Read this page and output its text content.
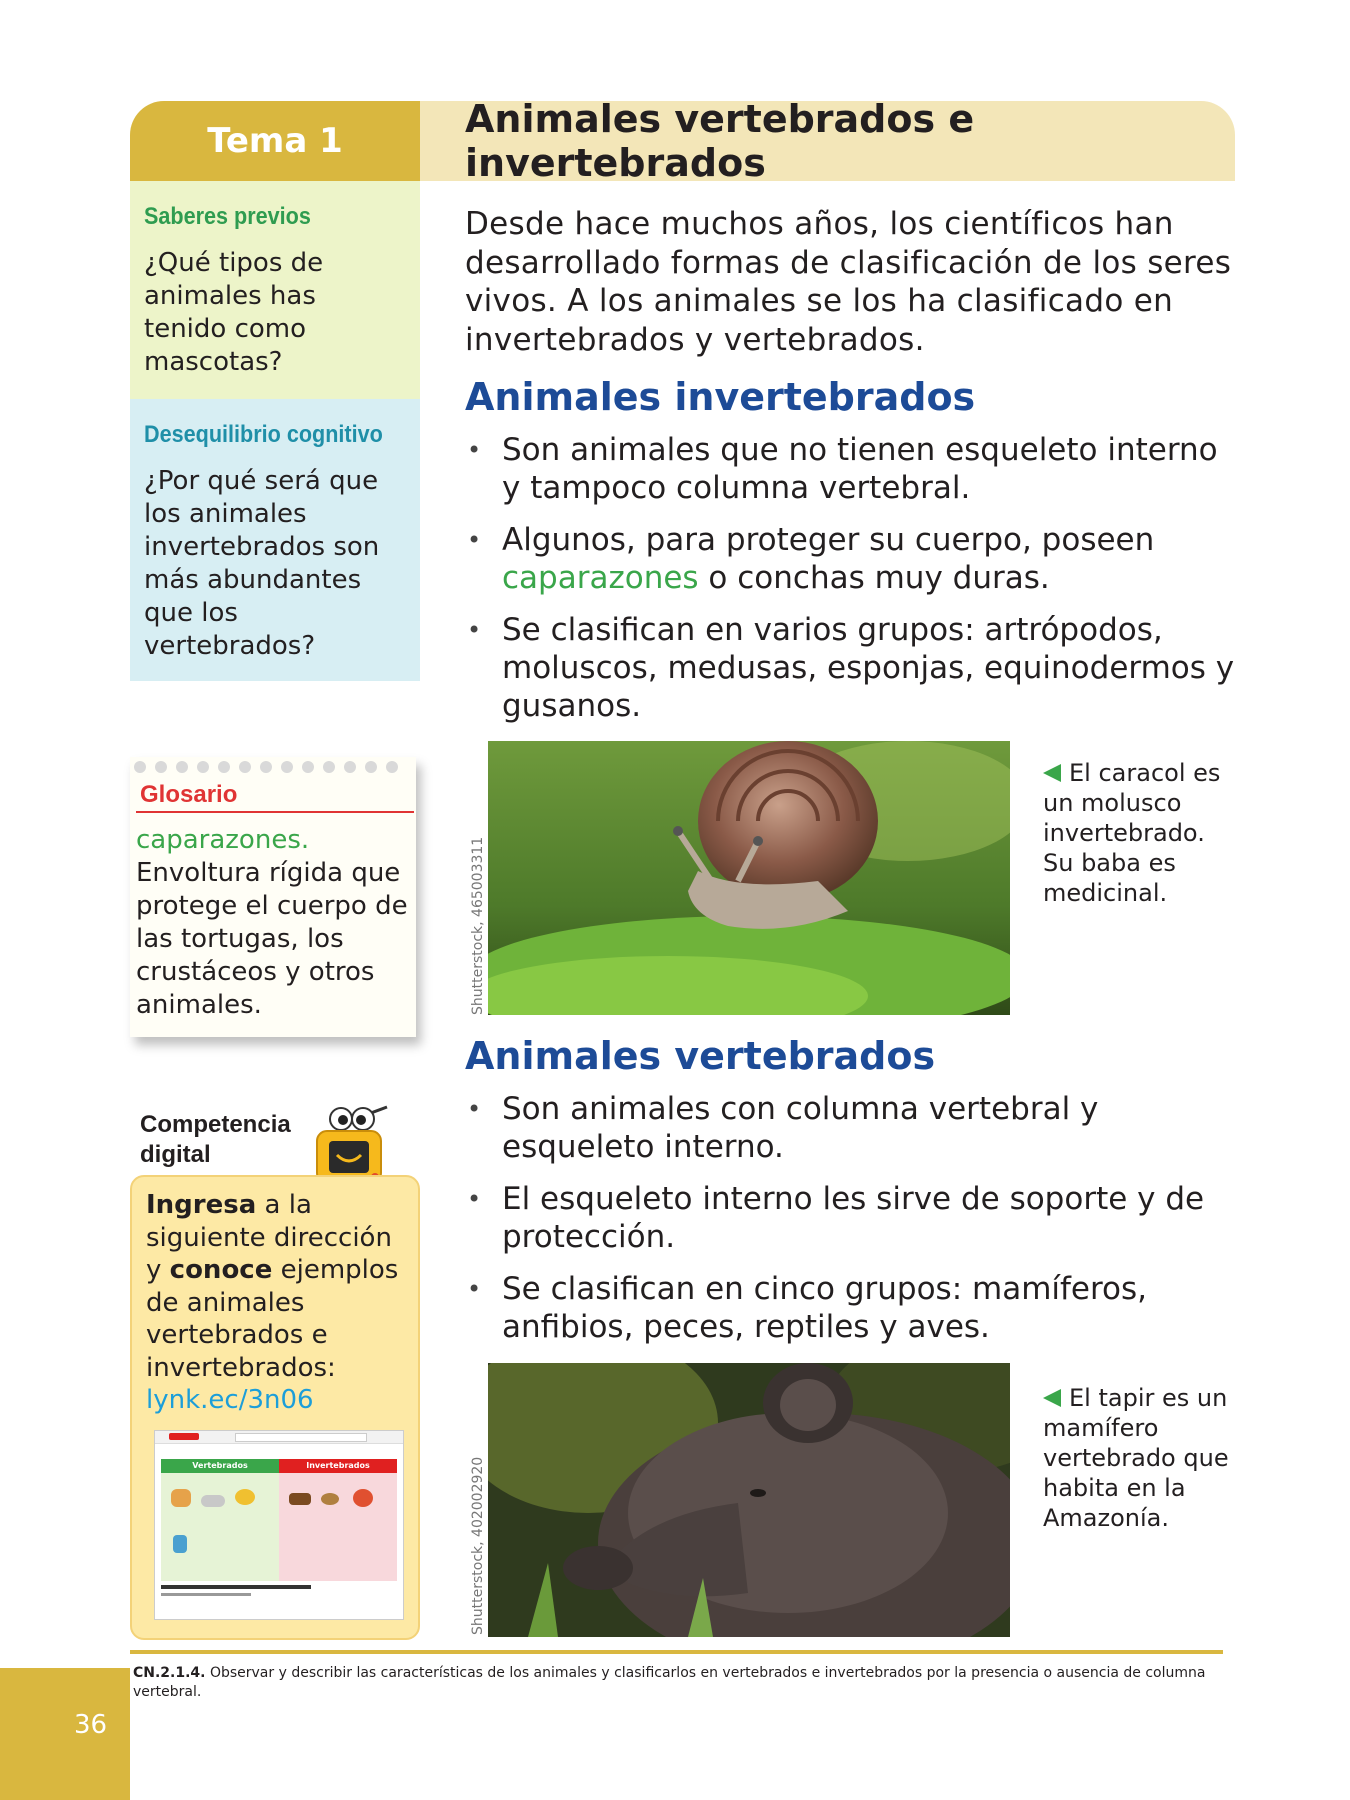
Tema 1	Animales vertebrados e invertebrados
Saberes previos
¿Qué tipos de animales has tenido como mascotas?
Desequilibrio cognitivo
¿Por qué será que los animales invertebrados son más abundantes que los vertebrados?
Glosario
caparazones.
Envoltura rígida que protege el cuerpo de las tortugas, los crustáceos y otros animales.
Competencia
digital
Ingresa a la siguiente dirección y conoce ejemplos de animales vertebrados e invertebrados:
lynk.ec/3n06
Vertebrados	Invertebrados
Desde hace muchos años, los científicos han desarrollado formas de clasificación de los seres vivos. A los animales se los ha clasificado en invertebrados y vertebrados.
Animales invertebrados
• Son animales que no tienen esqueleto interno y tampoco columna vertebral.
• Algunos, para proteger su cuerpo, poseen caparazones o conchas muy duras.
• Se clasifican en varios grupos: artrópodos, moluscos, medusas, esponjas, equinodermos y gusanos.
Shutterstock, 465003311
El caracol es un molusco invertebrado. Su baba es medicinal.
Animales vertebrados
• Son animales con columna vertebral y esqueleto interno.
• El esqueleto interno les sirve de soporte y de protección.
• Se clasifican en cinco grupos: mamíferos, anfibios, peces, reptiles y aves.
Shutterstock, 402002920
El tapir es un mamífero vertebrado que habita en la Amazonía.
CN.2.1.4. Observar y describir las características de los animales y clasificarlos en vertebrados e invertebrados por la presencia o ausencia de columna vertebral.
36
